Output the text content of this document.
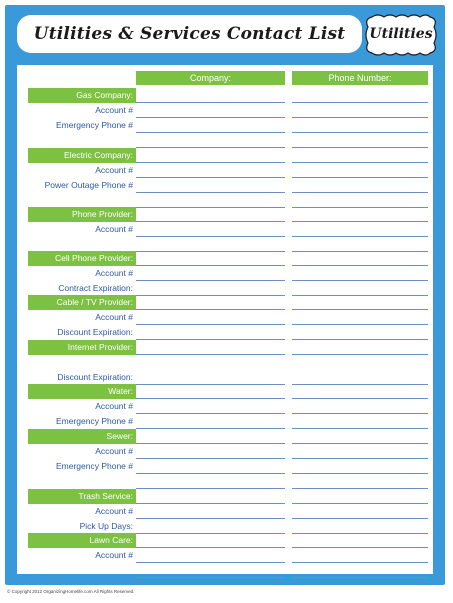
Utilities & Services Contact List	Utilities
Company:	Phone Number:
Gas Company:
Account #
Emergency Phone #
Electric Company:
Account #
Power Outage Phone #
Phone Provider:
Account #
Cell Phone Provider:
Account #
Contract Expiration:
Cable / TV Provider:
Account #
Discount Expiration:
Internet Provider:
Discount Expiration:
Water:
Account #
Emergency Phone #
Sewer:
Account #
Emergency Phone #
Trash Service:
Account #
Pick Up Days:
Lawn Care:
Account #
© Copyright 2012 OrganizingHomelife.com All Rights Reserved.
